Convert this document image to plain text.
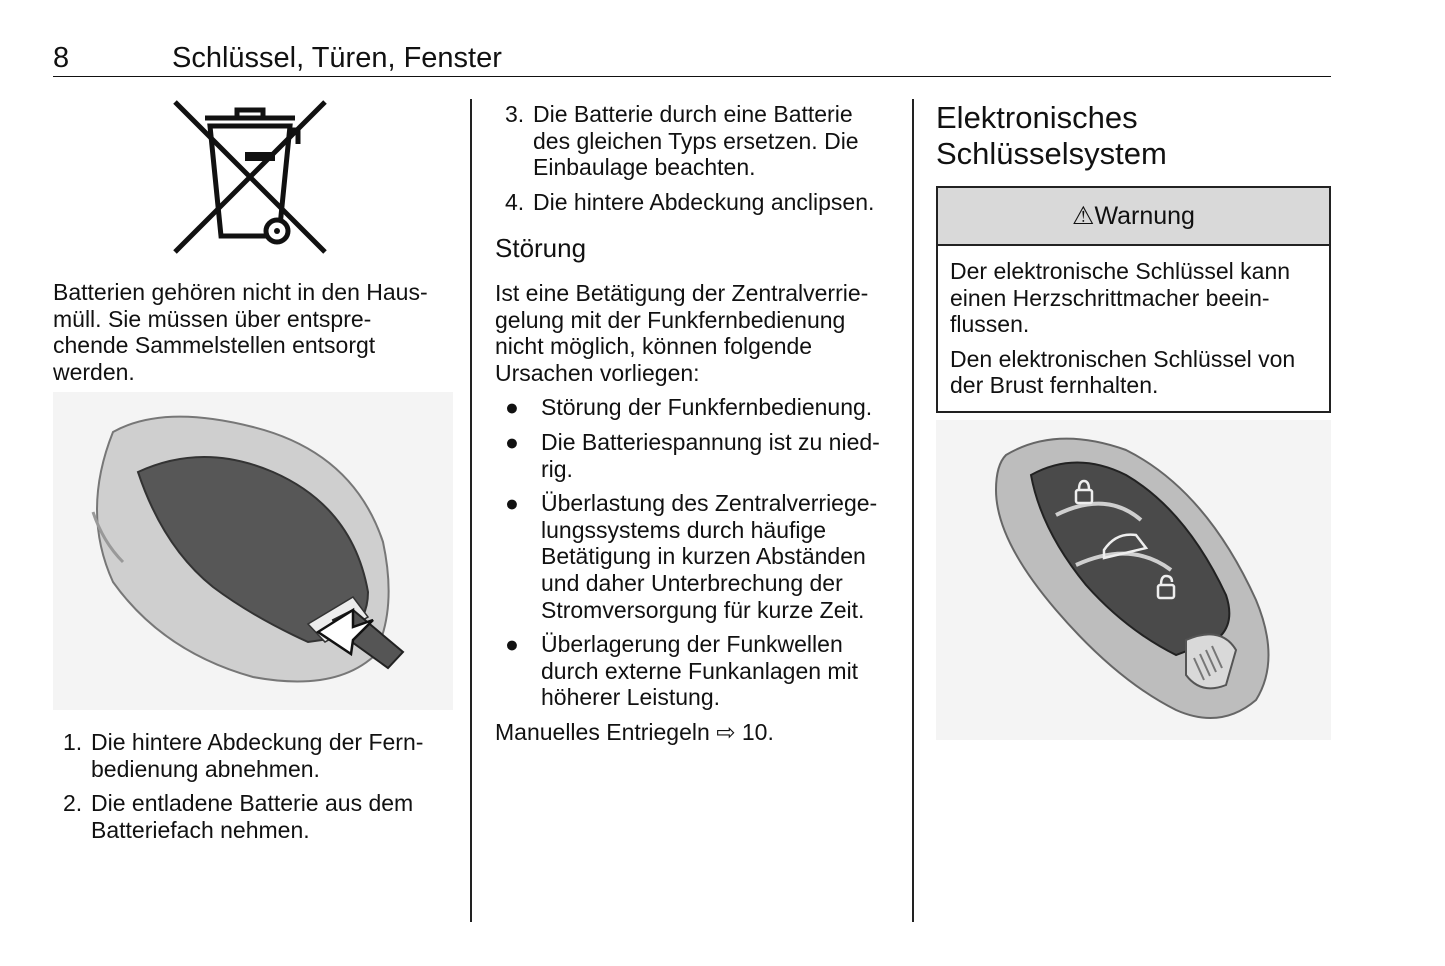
8	Schlüssel, Türen, Fenster

Batterien gehören nicht in den Haus-
müll. Sie müssen über entspre-
chende Sammelstellen entsorgt
werden.

1. Die hintere Abdeckung der Fern-
bedienung abnehmen.
2. Die entladene Batterie aus dem
Batteriefach nehmen.
3. Die Batterie durch eine Batterie
des gleichen Typs ersetzen. Die
Einbaulage beachten.
4. Die hintere Abdeckung anclipsen.

Störung

Ist eine Betätigung der Zentralverrie-
gelung mit der Funkfernbedienung
nicht möglich, können folgende
Ursachen vorliegen:

● Störung der Funkfernbedienung.
● Die Batteriespannung ist zu nied-
rig.
● Überlastung des Zentralverriege-
lungssystems durch häufige
Betätigung in kurzen Abständen
und daher Unterbrechung der
Stromversorgung für kurze Zeit.
● Überlagerung der Funkwellen
durch externe Funkanlagen mit
höherer Leistung.

Manuelles Entriegeln ⇨ 10.

Elektronisches
Schlüsselsystem
⚠ Warnung

Der elektronische Schlüssel kann
einen Herzschrittmacher beein-
flussen.

Den elektronischen Schlüssel von
der Brust fernhalten.
